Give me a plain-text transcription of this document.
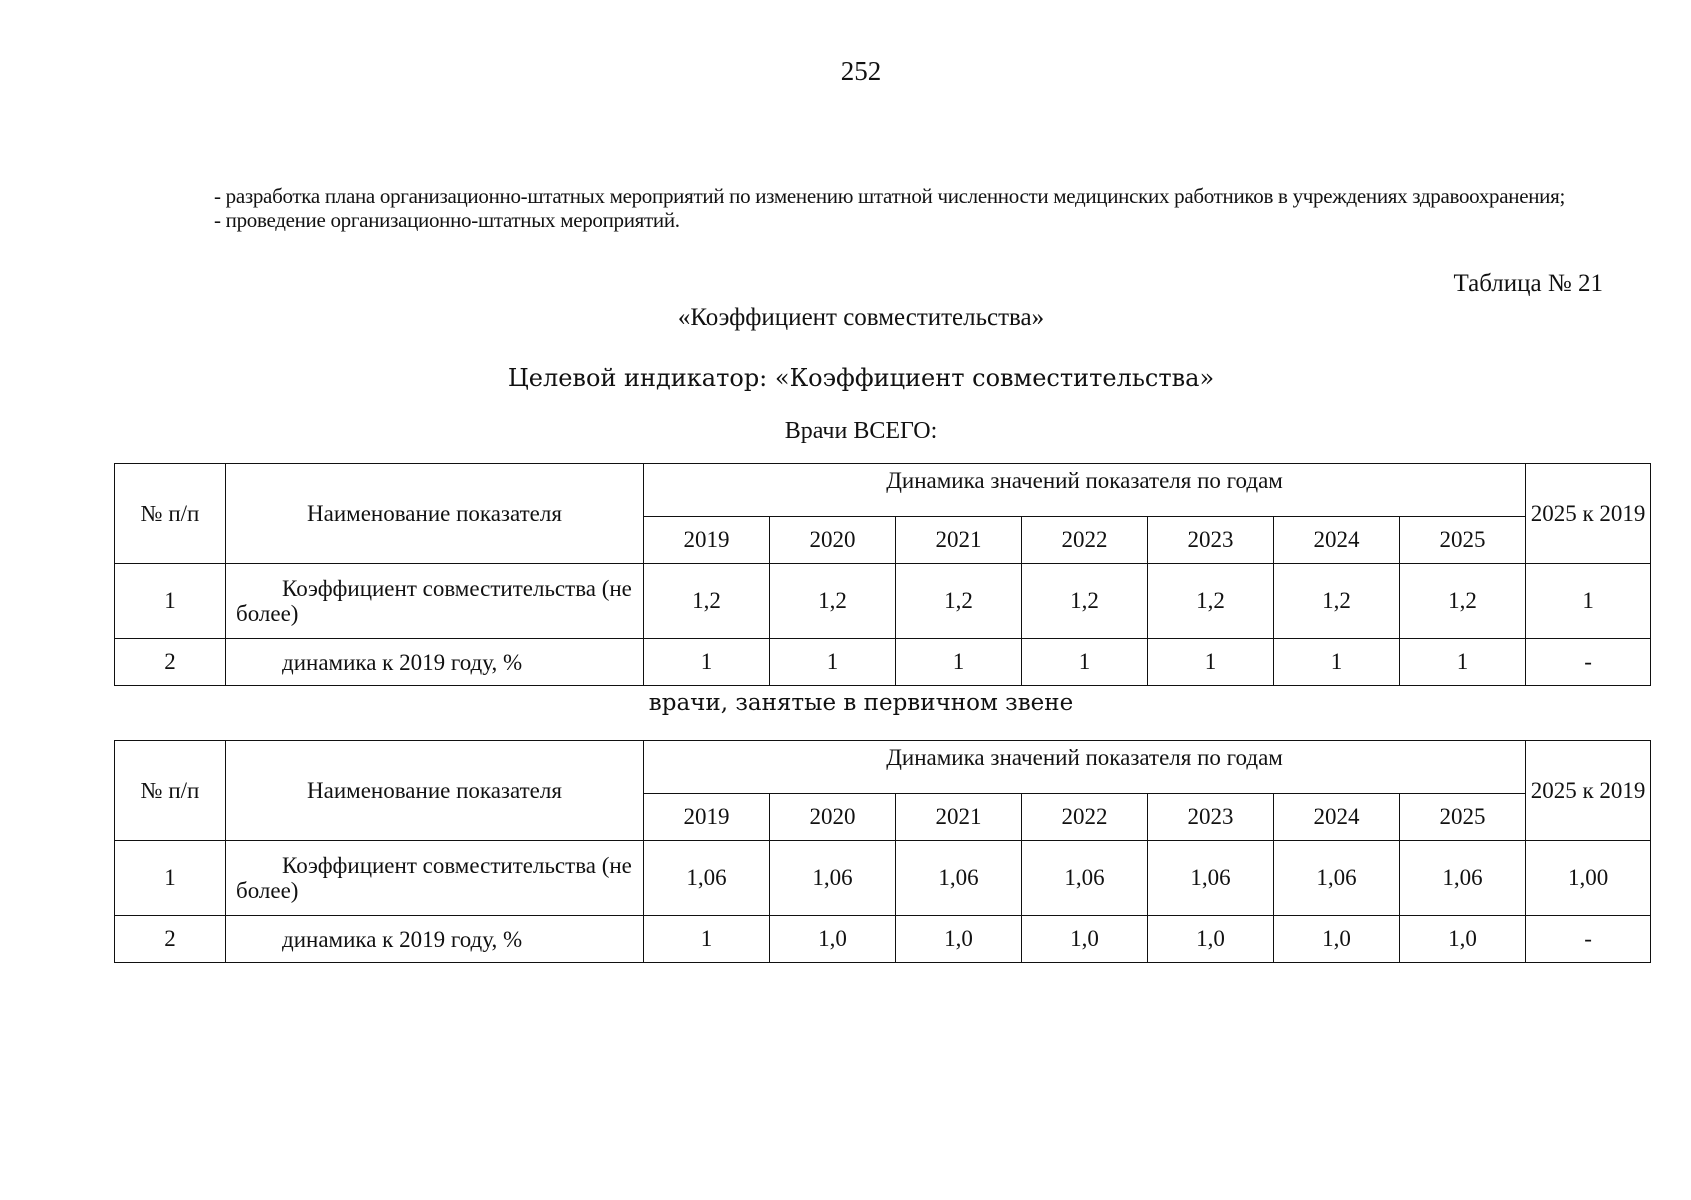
252

- разработка плана организационно-штатных мероприятий по изменению штатной численности медицинских работников в учреждениях здравоохранения;

- проведение организационно-штатных мероприятий.

Таблица № 21
«Коэффициент совместительства»
Целевой индикатор: «Коэффициент совместительства»
Врачи ВСЕГО:
№ п/п	Наименование показателя	Динамика значений показателя по годам							2025 к 2019
		2019	2020	2021	2022	2023	2024	2025	
1	Коэффициент совместительства (не более)	1,2	1,2	1,2	1,2	1,2	1,2	1,2	1
2	динамика к 2019 году, %	1	1	1	1	1	1	1	-
врачи, занятые в первичном звене
№ п/п	Наименование показателя	Динамика значений показателя по годам							2025 к 2019
		2019	2020	2021	2022	2023	2024	2025	
1	Коэффициент совместительства (не более)	1,06	1,06	1,06	1,06	1,06	1,06	1,06	1,00
2	динамика к 2019 году, %	1	1,0	1,0	1,0	1,0	1,0	1,0	-
